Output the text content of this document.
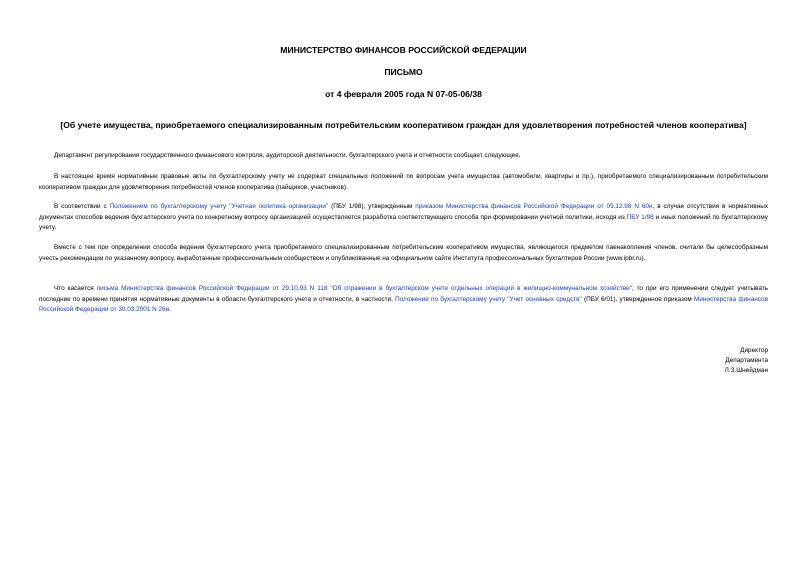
МИНИСТЕРСТВО ФИНАНСОВ РОССИЙСКОЙ ФЕДЕРАЦИИ
ПИСЬМО
от 4 февраля 2005 года N 07-05-06/38
[Об учете имущества, приобретаемого специализированным потребительским кооперативом граждан для удовлетворения потребностей членов кооператива]

Департамент регулирования государственного финансового контроля, аудиторской деятельности, бухгалтерского учета и отчетности сообщает следующее.

В настоящее время нормативные правовые акты по бухгалтерскому учету не содержат специальных положений по вопросам учета имущества (автомобили, квартиры и пр.), приобретаемого специализированным потребительским кооперативом граждан для удовлетворения потребностей членов кооператива (пайщиков, участников).

В соответствии с Положением по бухгалтерскому учету "Учетная политика организации" (ПБУ 1/98), утвержденным приказом Министерства финансов Российской Федерации от 09.12.98 N 60н, в случае отсутствия в нормативных документах способов ведения бухгалтерского учета по конкретному вопросу организацией осуществляется разработка соответствующего способа при формировании учетной политики, исходя из ПБУ 1/98 и иных положений по бухгалтерскому учету.

Вместе с тем при определении способа ведения бухгалтерского учета приобретаемого специализированным потребительским кооперативом имущества, являющегося предметом паенакопления членов, считали бы целесообразным учесть рекомендации по указанному вопросу, выработанные профессиональным сообществом и опубликованные на официальном сайте Института профессиональных бухгалтеров России (www.ipbr.ru).

Что касается письма Министерства финансов Российской Федерации от 29.10.93 N 118 "Об отражении в бухгалтерском учете отдельных операций в жилищно-коммунальном хозяйстве", то при его применении следует учитывать последние по времени принятия нормативные документы в области бухгалтерского учета и отчетности, в частности, Положение по бухгалтерскому учету "Учет основных средств" (ПБУ 6/01), утвержденное приказом Министерства финансов Российской Федерации от 30.03.2001 N 26н.

Директор
Департамента
Л.З.Шнейдман
